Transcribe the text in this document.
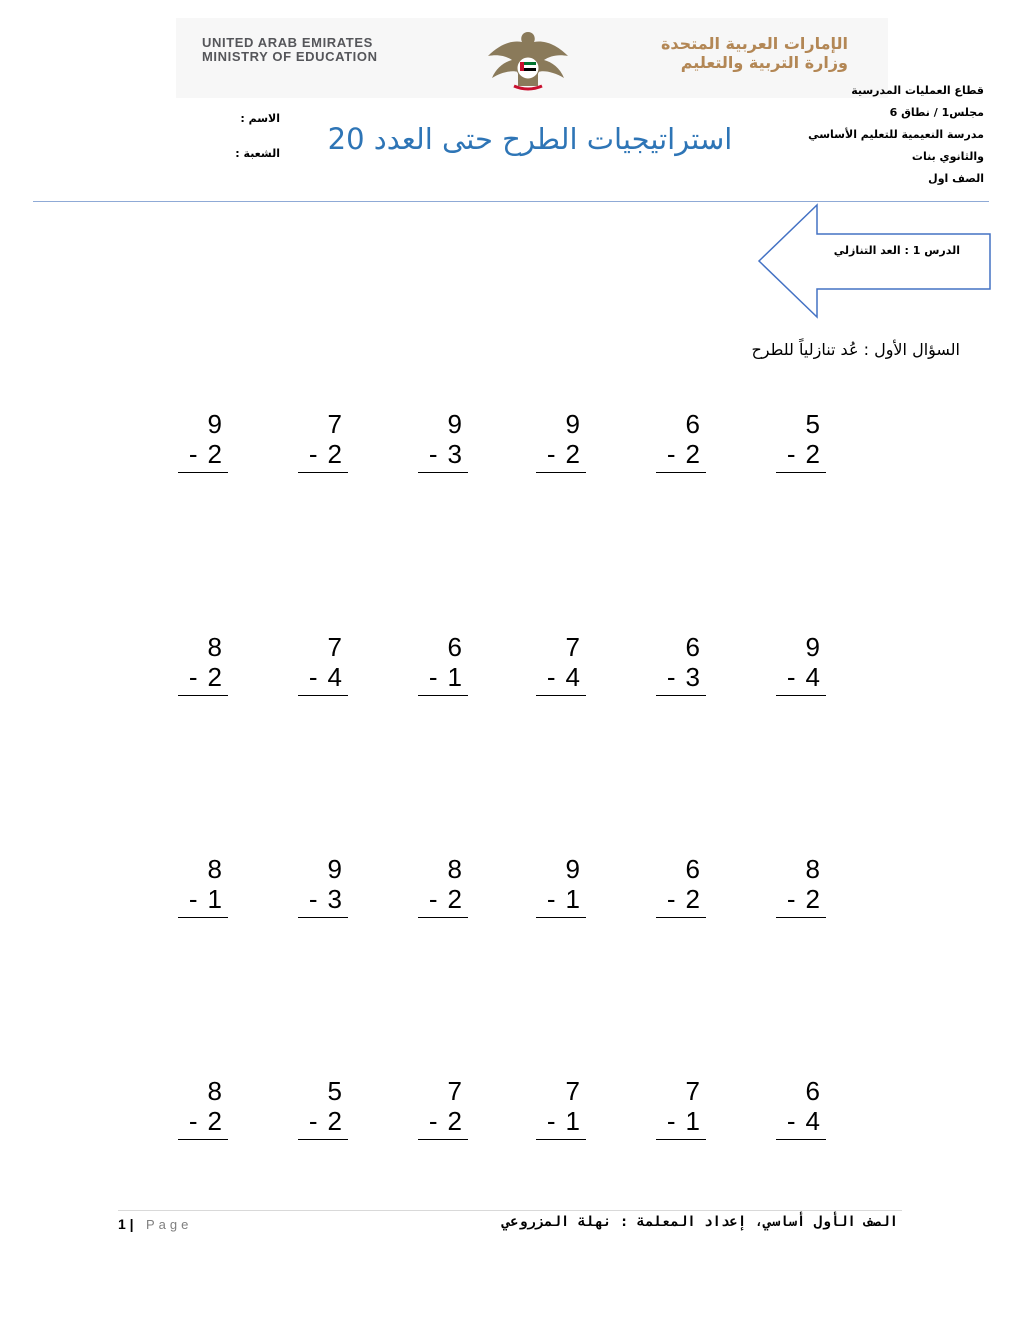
UNITED ARAB EMIRATES
MINISTRY OF EDUCATION
الإمارات العربية المتحدة
وزارة التربية والتعليم
قطاع العمليات المدرسية
مجلس1 / نطاق 6
مدرسة النعيمية للتعليم الأساسي
والثانوي بنات
الصف اول
استراتيجيات الطرح حتى العدد 20
الاسم :
الشعبة :
الدرس 1 : العد التنازلي
السؤال الأول : عُد تنازلياً للطرح
9
- 2
7
- 2
9
- 3
9
- 2
6
- 2
5
- 2
8
- 2
7
- 4
6
- 1
7
- 4
6
- 3
9
- 4
8
- 1
9
- 3
8
- 2
9
- 1
6
- 2
8
- 2
8
- 2
5
- 2
7
- 2
7
- 1
7
- 1
6
- 4
1 | Page	الصف الأول أساسي، إعداد المعلمة : نهلة المزروعي
